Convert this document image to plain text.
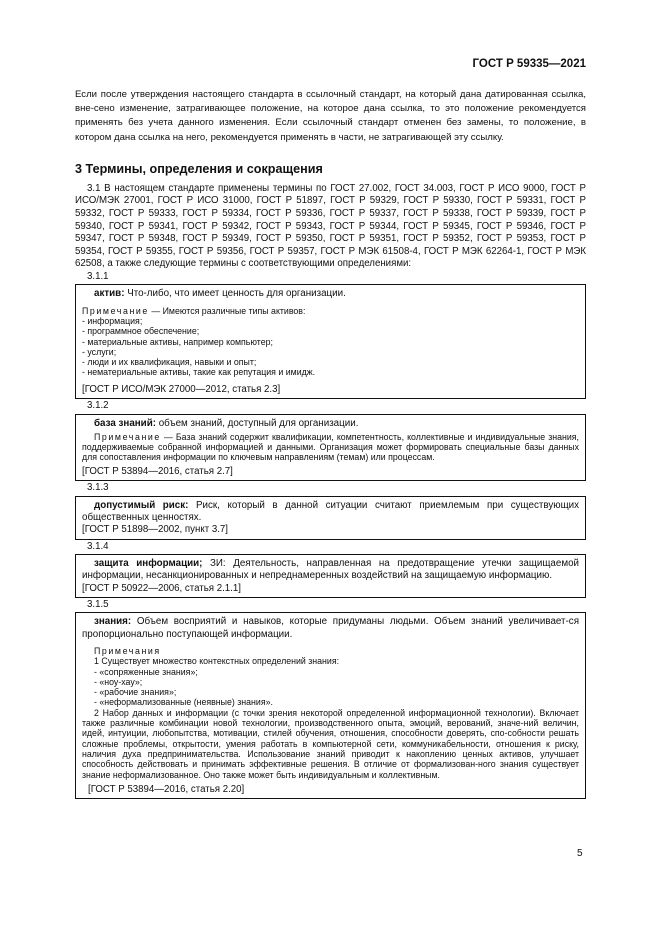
ГОСТ Р 59335—2021

Если после утверждения настоящего стандарта в ссылочный стандарт, на который дана датированная ссылка, вне-сено изменение, затрагивающее положение, на которое дана ссылка, то это положение рекомендуется применять без учета данного изменения. Если ссылочный стандарт отменен без замены, то положение, в котором дана ссылка на него, рекомендуется применять в части, не затрагивающей эту ссылку.

3 Термины, определения и сокращения

3.1 В настоящем стандарте применены термины по ГОСТ 27.002, ГОСТ 34.003, ГОСТ Р ИСО 9000, ГОСТ Р ИСО/МЭК 27001, ГОСТ Р ИСО 31000, ГОСТ Р 51897, ГОСТ Р 59329, ГОСТ Р 59330, ГОСТ Р 59331, ГОСТ Р 59332, ГОСТ Р 59333, ГОСТ Р 59334, ГОСТ Р 59336, ГОСТ Р 59337, ГОСТ Р 59338, ГОСТ Р 59339, ГОСТ Р 59340, ГОСТ Р 59341, ГОСТ Р 59342, ГОСТ Р 59343, ГОСТ Р 59344, ГОСТ Р 59345, ГОСТ Р 59346, ГОСТ Р 59347, ГОСТ Р 59348, ГОСТ Р 59349, ГОСТ Р 59350, ГОСТ Р 59351, ГОСТ Р 59352, ГОСТ Р 59353, ГОСТ Р 59354, ГОСТ Р 59355, ГОСТ Р 59356, ГОСТ Р 59357, ГОСТ Р МЭК 61508-4, ГОСТ Р МЭК 62264-1, ГОСТ Р МЭК 62508, а также следующие термины с соответствующими определениями:

3.1.1

актив: Что-либо, что имеет ценность для организации.

Примечание — Имеются различные типы активов:

- информация;

- программное обеспечение;

- материальные активы, например компьютер;

- услуги;

- люди и их квалификация, навыки и опыт;

- нематериальные активы, такие как репутация и имидж.

[ГОСТ Р ИСО/МЭК 27000—2012, статья 2.3]

3.1.2

база знаний: объем знаний, доступный для организации.

Примечание — База знаний содержит квалификации, компетентность, коллективные и индивидуальные знания, поддерживаемые собранной информацией и данными. Организация может формировать специальные базы данных для сопоставления информации по ключевым направлениям (темам) или процессам.

[ГОСТ Р 53894—2016, статья 2.7]

3.1.3

допустимый риск: Риск, который в данной ситуации считают приемлемым при существующих общественных ценностях.

[ГОСТ Р 51898—2002, пункт 3.7]

3.1.4

защита информации; ЗИ: Деятельность, направленная на предотвращение утечки защищаемой информации, несанкционированных и непреднамеренных воздействий на защищаемую информацию.

[ГОСТ Р 50922—2006, статья 2.1.1]

3.1.5

знания: Объем восприятий и навыков, которые придуманы людьми. Объем знаний увеличивает-ся пропорционально поступающей информации.

Примечания

1 Существует множество контекстных определений знания:

- «сопряженные знания»;

- «ноу-хау»;

- «рабочие знания»;

- «неформализованные (неявные) знания».

2 Набор данных и информации (с точки зрения некоторой определенной информационной технологии). Включает также различные комбинации новой технологии, производственного опыта, эмоций, верований, значе-ний величин, идей, интуиции, любопытства, мотивации, стилей обучения, отношения, способности доверять, спо-собности решать сложные проблемы, открытости, умения работать в компьютерной сети, коммуникабельности, отношения к риску, наличия духа предпринимательства. Использование знаний приводит к накоплению ценных активов, улучшает способность действовать и принимать эффективные решения. В отличие от формализован-ного знания существует знание неформализованное. Оно также может быть индивидуальным и коллективным.

[ГОСТ Р 53894—2016, статья 2.20]

5
